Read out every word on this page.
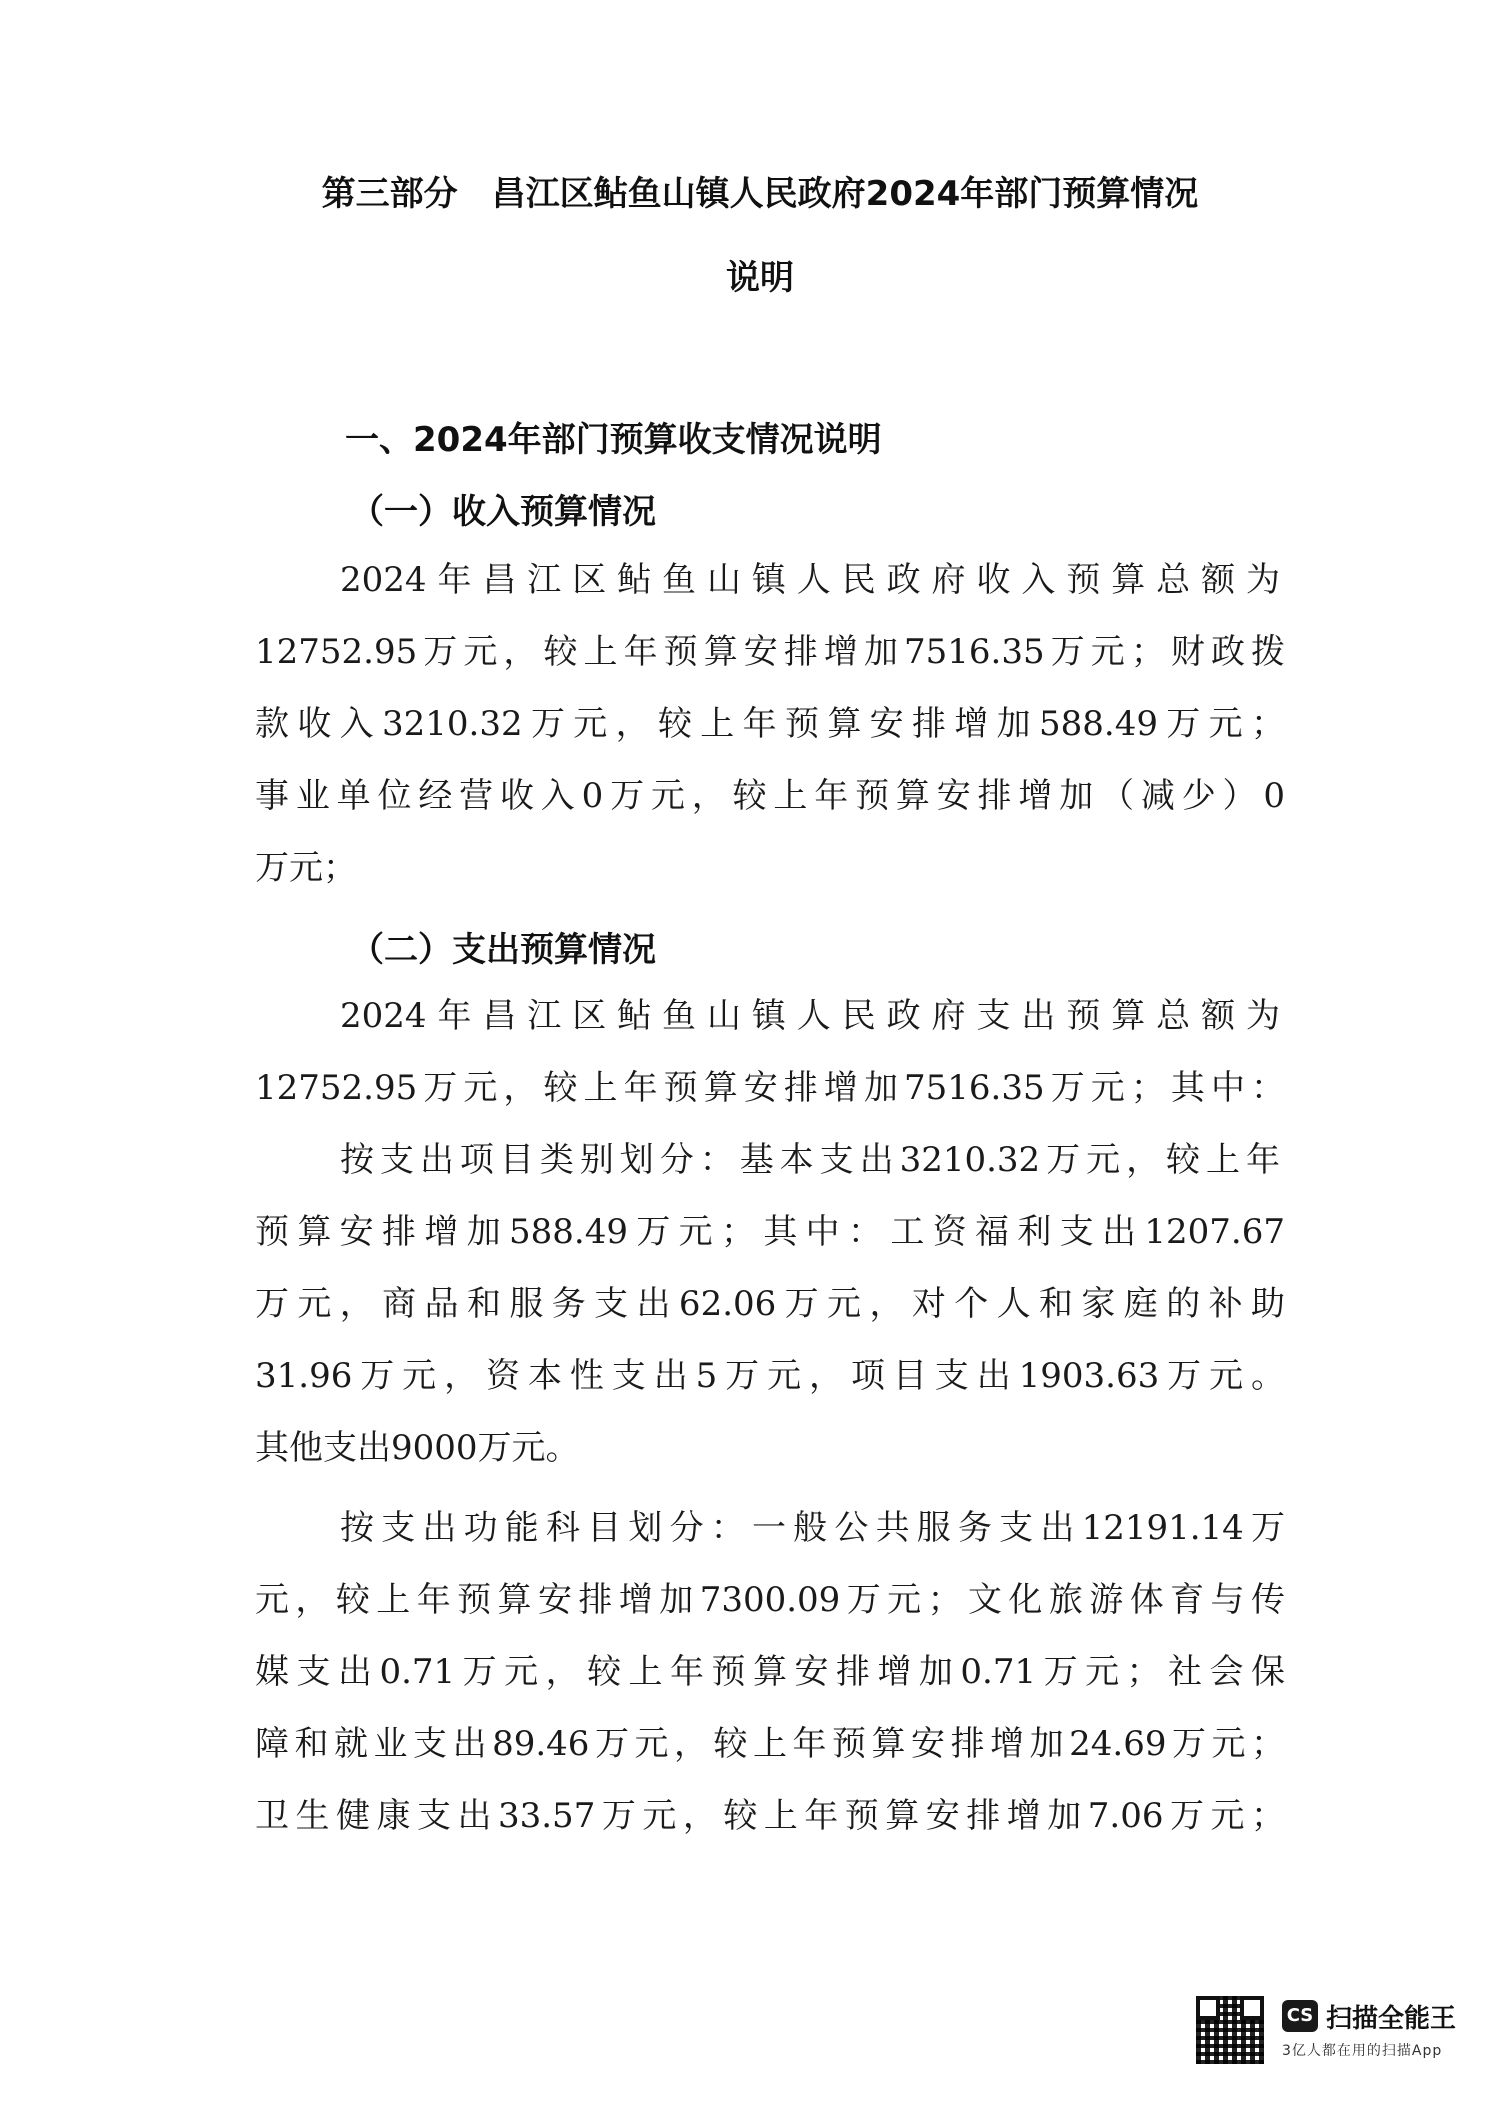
第三部分　昌江区鲇鱼山镇人民政府2024年部门预算情况
说明
一、2024年部门预算收支情况说明
（一）收入预算情况
2024年昌江区鲇鱼山镇人民政府收入预算总额为
12752.95万元，较上年预算安排增加7516.35万元；财政拨
款收入3210.32万元，较上年预算安排增加588.49万元；
事业单位经营收入0万元，较上年预算安排增加（减少）0
万元；
（二）支出预算情况
2024年昌江区鲇鱼山镇人民政府支出预算总额为
12752.95万元，较上年预算安排增加7516.35万元；其中：
按支出项目类别划分：基本支出3210.32万元，较上年
预算安排增加588.49万元；其中：工资福利支出1207.67
万元，商品和服务支出62.06万元，对个人和家庭的补助
31.96万元，资本性支出5万元，项目支出1903.63万元。
其他支出9000万元。
按支出功能科目划分：一般公共服务支出12191.14万
元，较上年预算安排增加7300.09万元；文化旅游体育与传
媒支出0.71万元，较上年预算安排增加0.71万元；社会保
障和就业支出89.46万元，较上年预算安排增加24.69万元；
卫生健康支出33.57万元，较上年预算安排增加7.06万元；
CS 扫描全能王
3亿人都在用的扫描App
